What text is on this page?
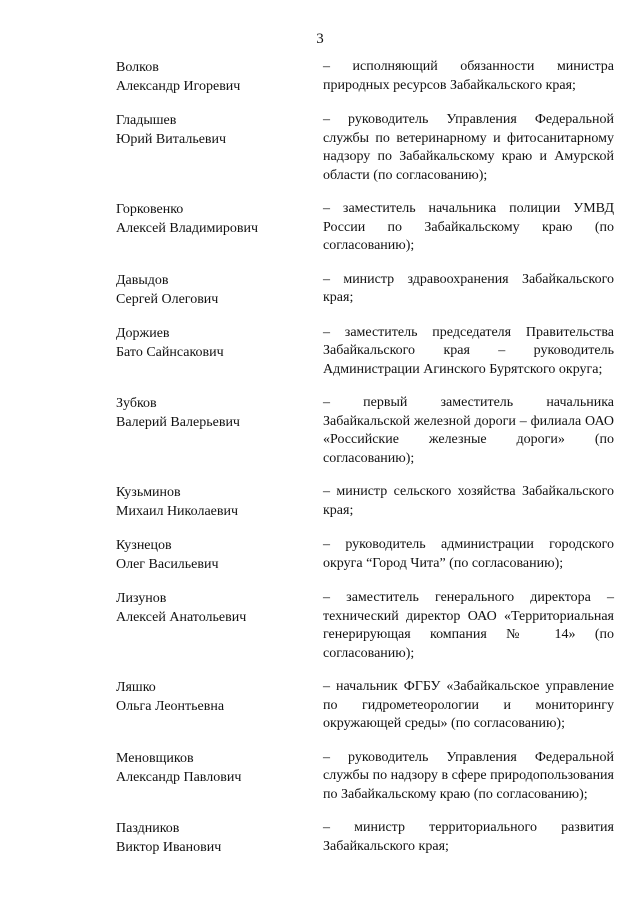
3
Волков
Александр Игоревич
– исполняющий обязанности министра природных ресурсов Забайкальского края;
Гладышев
Юрий Витальевич
– руководитель Управления Федеральной службы по ветеринарному и фитосанитарному надзору по Забайкальскому краю и Амурской области (по согласованию);
Горковенко
Алексей Владимирович
– заместитель начальника полиции УМВД России по Забайкальскому краю (по согласованию);
Давыдов
Сергей Олегович
– министр здравоохранения Забайкальского края;
Доржиев
Бато Сайнсакович
– заместитель председателя Правительства Забайкальского края – руководитель Администрации Агинского Бурятского округа;
Зубков
Валерий Валерьевич
– первый заместитель начальника Забайкальской железной дороги – филиала ОАО «Российские железные дороги» (по согласованию);
Кузьминов
Михаил Николаевич
– министр сельского хозяйства Забайкальского края;
Кузнецов
Олег Васильевич
– руководитель администрации городского округа “Город Чита” (по согласованию);
Лизунов
Алексей Анатольевич
– заместитель генерального директора – технический директор ОАО «Территориальная генерирующая компания № 14» (по согласованию);
Ляшко
Ольга Леонтьевна
– начальник ФГБУ «Забайкальское управление по гидрометеорологии и мониторингу окружающей среды» (по согласованию);
Меновщиков
Александр Павлович
– руководитель Управления Федеральной службы по надзору в сфере природопользования по Забайкальскому краю (по согласованию);
Паздников
Виктор Иванович
– министр территориального развития Забайкальского края;
